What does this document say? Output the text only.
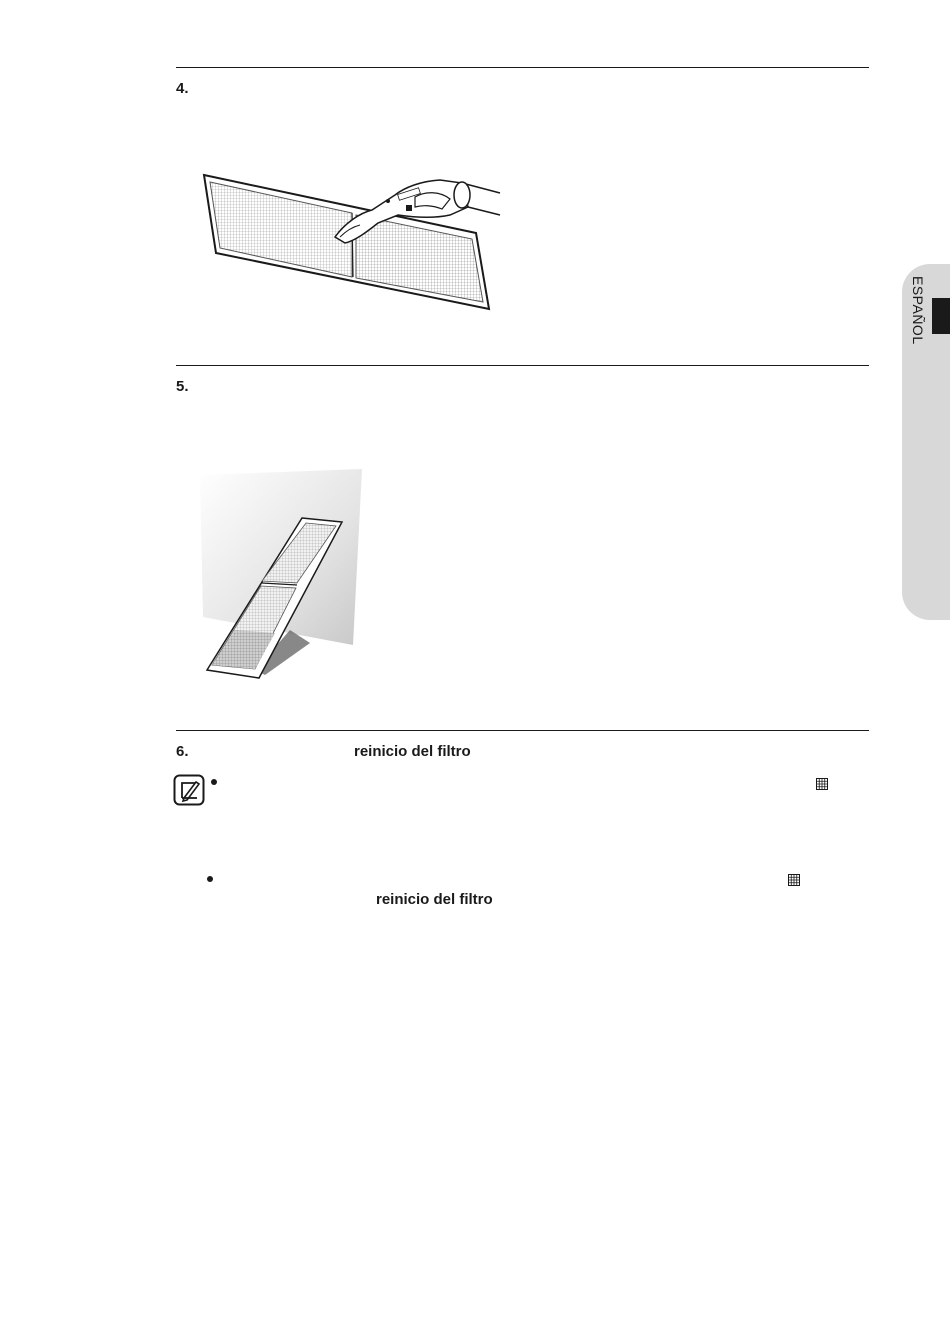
ESPAÑOL
4.
5.
6.	reinicio del filtro
reinicio del filtro
